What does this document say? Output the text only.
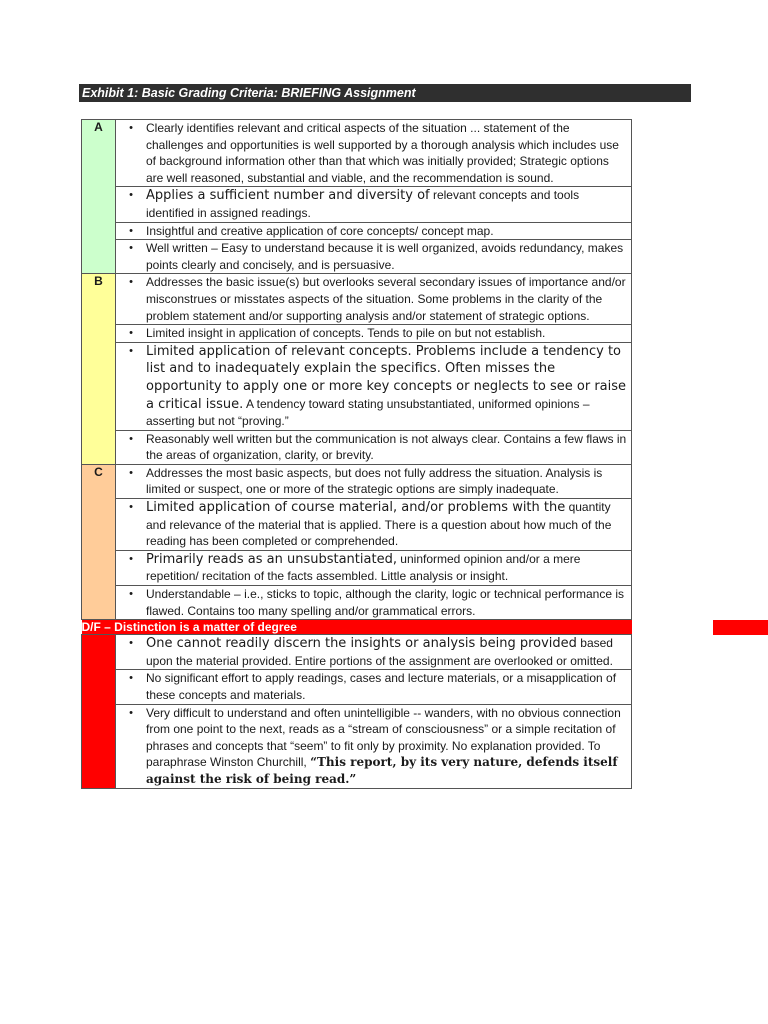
Exhibit 1: Basic Grading Criteria: BRIEFING Assignment
A	• Clearly identifies relevant and critical aspects of the situation ... statement of the challenges and opportunities is well supported by a thorough analysis which includes use of background information other than that which was initially provided; Strategic options are well reasoned, substantial and viable, and the recommendation is sound.

	• Applies a sufficient number and diversity of relevant concepts and tools identified in assigned readings.

	• Insightful and creative application of core concepts/ concept map.

	• Well written – Easy to understand because it is well organized, avoids redundancy, makes points clearly and concisely, and is persuasive.

B	• Addresses the basic issue(s) but overlooks several secondary issues of importance and/or misconstrues or misstates aspects of the situation. Some problems in the clarity of the problem statement and/or supporting analysis and/or statement of strategic options.

	• Limited insight in application of concepts. Tends to pile on but not establish.

	• Limited application of relevant concepts. Problems include a tendency to list and to inadequately explain the specifics. Often misses the opportunity to apply one or more key concepts or neglects to see or raise a critical issue. A tendency toward stating unsubstantiated, uniformed opinions – asserting but not “proving.”

	• Reasonably well written but the communication is not always clear. Contains a few flaws in the areas of organization, clarity, or brevity.

C	• Addresses the most basic aspects, but does not fully address the situation. Analysis is limited or suspect, one or more of the strategic options are simply inadequate.

	• Limited application of course material, and/or problems with the quantity and relevance of the material that is applied. There is a question about how much of the reading has been completed or comprehended.

	• Primarily reads as an unsubstantiated, uninformed opinion and/or a mere repetition/ recitation of the facts assembled. Little analysis or insight.

	• Understandable – i.e., sticks to topic, although the clarity, logic or technical performance is flawed. Contains too many spelling and/or grammatical errors.

D/F – Distinction is a matter of degree	

	• One cannot readily discern the insights or analysis being provided based upon the material provided. Entire portions of the assignment are overlooked or omitted.

	• No significant effort to apply readings, cases and lecture materials, or a misapplication of these concepts and materials.

	• Very difficult to understand and often unintelligible -- wanders, with no obvious connection from one point to the next, reads as a “stream of consciousness” or a simple recitation of phrases and concepts that “seem” to fit only by proximity. No explanation provided. To paraphrase Winston Churchill, “This report, by its very nature, defends itself against the risk of being read.”
